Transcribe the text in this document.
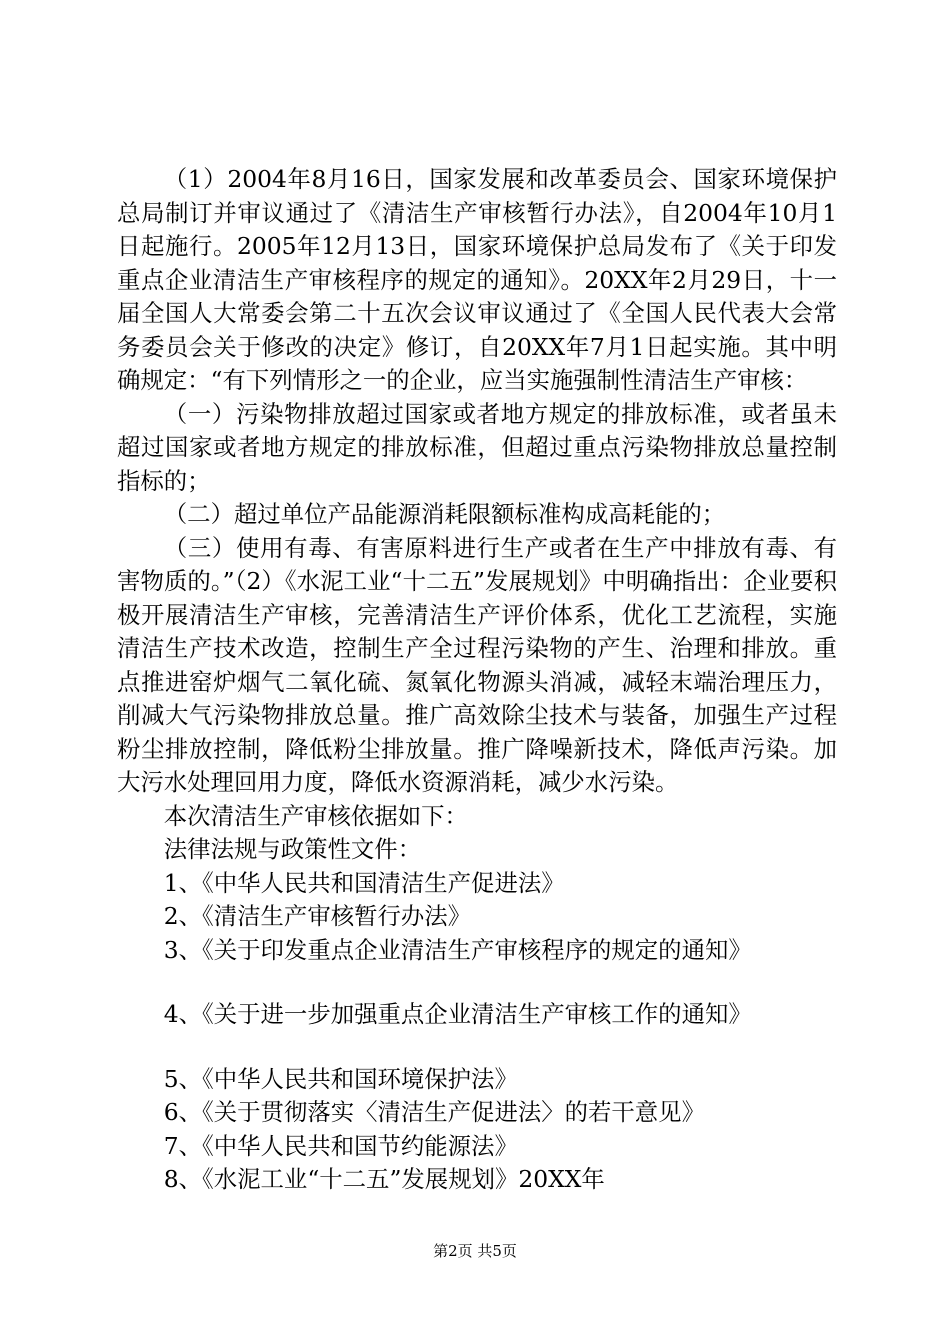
（1）2004年8月16日，国家发展和改革委员会、国家环境保护总局制订并审议通过了《清洁生产审核暂行办法》，自2004年10月1日起施行。2005年12月13日，国家环境保护总局发布了《关于印发重点企业清洁生产审核程序的规定的通知》。20XX年2月29日，十一届全国人大常委会第二十五次会议审议通过了《全国人民代表大会常务委员会关于修改的决定》修订，自20XX年7月1日起实施。其中明确规定：“有下列情形之一的企业，应当实施强制性清洁生产审核：

（一）污染物排放超过国家或者地方规定的排放标准，或者虽未超过国家或者地方规定的排放标准，但超过重点污染物排放总量控制指标的；

（二）超过单位产品能源消耗限额标准构成高耗能的；

（三）使用有毒、有害原料进行生产或者在生产中排放有毒、有害物质的。”（2）《水泥工业“十二五”发展规划》中明确指出：企业要积极开展清洁生产审核，完善清洁生产评价体系，优化工艺流程，实施清洁生产技术改造，控制生产全过程污染物的产生、治理和排放。重点推进窑炉烟气二氧化硫、氮氧化物源头消减，减轻末端治理压力，削减大气污染物排放总量。推广高效除尘技术与装备，加强生产过程粉尘排放控制，降低粉尘排放量。推广降噪新技术，降低声污染。加大污水处理回用力度，降低水资源消耗，减少水污染。

本次清洁生产审核依据如下：

法律法规与政策性文件：

1、《中华人民共和国清洁生产促进法》

2、《清洁生产审核暂行办法》

3、《关于印发重点企业清洁生产审核程序的规定的通知》

4、《关于进一步加强重点企业清洁生产审核工作的通知》

5、《中华人民共和国环境保护法》

6、《关于贯彻落实〈清洁生产促进法〉的若干意见》

7、《中华人民共和国节约能源法》

8、《水泥工业“十二五”发展规划》20XX年

第2页 共5页
